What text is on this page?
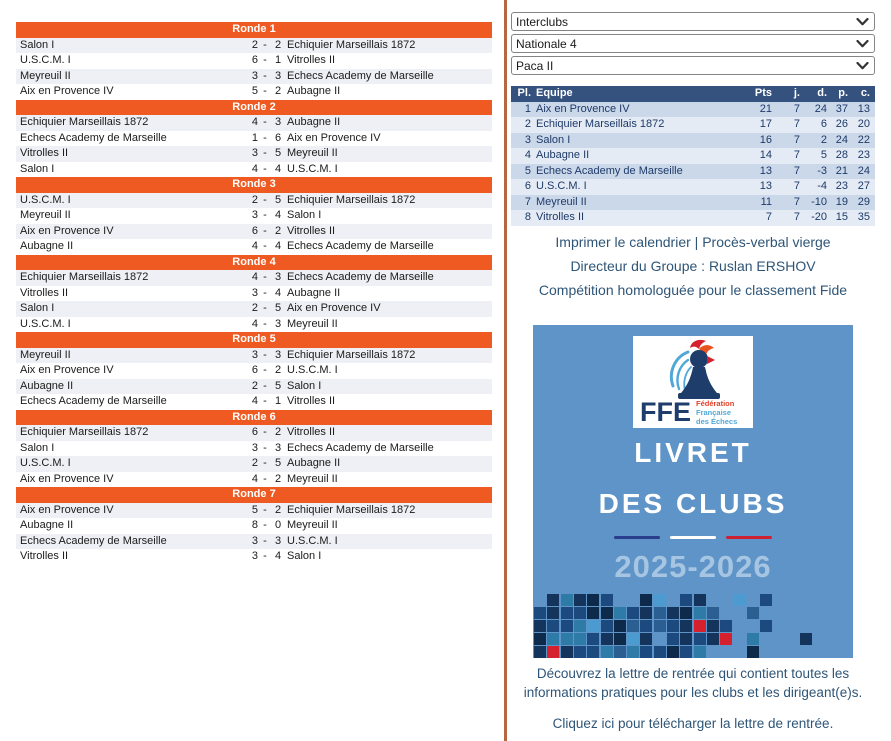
Ronde 1
Salon I	2 - 2 Echiquier Marseillais 1872
U.S.C.M. I	6 - 1 Vitrolles II
Meyreuil II	3 - 3 Echecs Academy de Marseille
Aix en Provence IV	5 - 2 Aubagne II
Ronde 2
Echiquier Marseillais 1872	4 - 3 Aubagne II
Echecs Academy de Marseille	1 - 6 Aix en Provence IV
Vitrolles II	3 - 5 Meyreuil II
Salon I	4 - 4 U.S.C.M. I
Ronde 3
U.S.C.M. I	2 - 5 Echiquier Marseillais 1872
Meyreuil II	3 - 4 Salon I
Aix en Provence IV	6 - 2 Vitrolles II
Aubagne II	4 - 4 Echecs Academy de Marseille
Ronde 4
Echiquier Marseillais 1872	4 - 3 Echecs Academy de Marseille
Vitrolles II	3 - 4 Aubagne II
Salon I	2 - 5 Aix en Provence IV
U.S.C.M. I	4 - 3 Meyreuil II
Ronde 5
Meyreuil II	3 - 3 Echiquier Marseillais 1872
Aix en Provence IV	6 - 2 U.S.C.M. I
Aubagne II	2 - 5 Salon I
Echecs Academy de Marseille	4 - 1 Vitrolles II
Ronde 6
Echiquier Marseillais 1872	6 - 2 Vitrolles II
Salon I	3 - 3 Echecs Academy de Marseille
U.S.C.M. I	2 - 5 Aubagne II
Aix en Provence IV	4 - 2 Meyreuil II
Ronde 7
Aix en Provence IV	5 - 2 Echiquier Marseillais 1872
Aubagne II	8 - 0 Meyreuil II
Echecs Academy de Marseille	3 - 3 U.S.C.M. I
Vitrolles II	3 - 4 Salon I
Interclubs
Nationale 4
Paca II
Pl. Equipe	Pts	j.	d.	p.	c.
1 Aix en Provence IV	21	7	24 37 13
2 Echiquier Marseillais 1872	17	7	6 26 20
3 Salon I	16	7	2 24 22
4 Aubagne II	14	7	5 28 23
5 Echecs Academy de Marseille	13	7	-3 21 24
6 U.S.C.M. I	13	7	-4 23 27
7 Meyreuil II	11	7	-10 19 29
8 Vitrolles II	7	7	-20 15 35
Imprimer le calendrier | Procès-verbal vierge
Directeur du Groupe : Ruslan ERSHOV
Compétition homologuée pour le classement Fide
FFE Fédération
Française
des Échecs
LIVRET
DES CLUBS
2025-2026
Découvrez la lettre de rentrée qui contient toutes les
informations pratiques pour les clubs et les dirigeant(e)s.
Cliquez ici pour télécharger la lettre de rentrée.
